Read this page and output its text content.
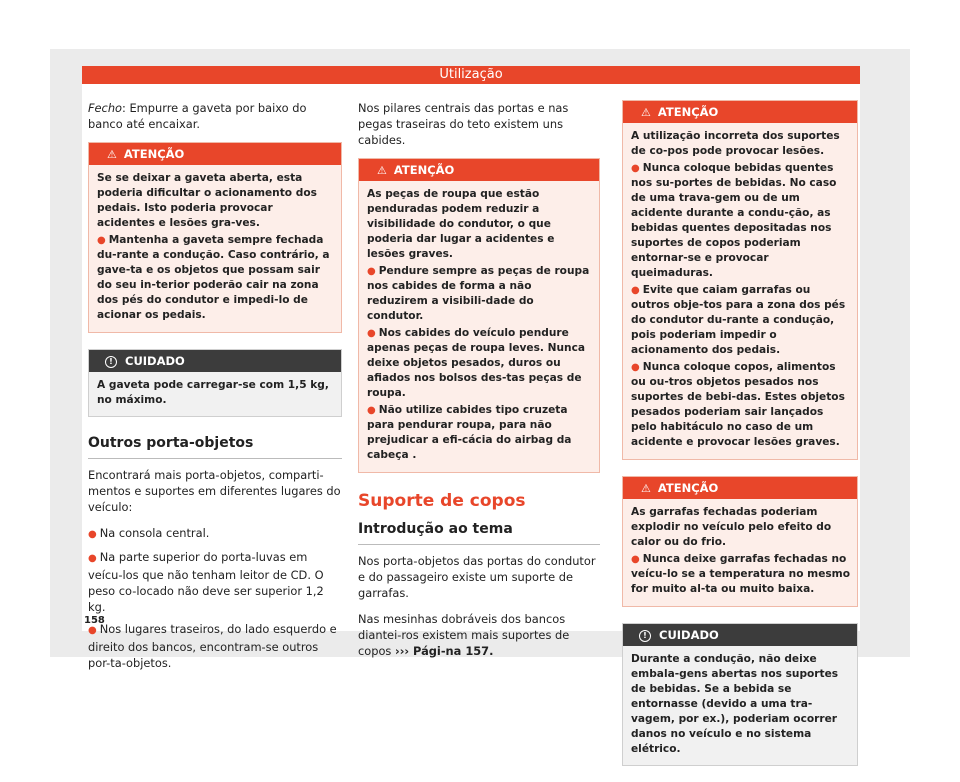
Utilização

Fecho: Empurre a gaveta por baixo do banco até encaixar.

⚠ ATENÇÃO
Se se deixar a gaveta aberta, esta poderia dificultar o acionamento dos pedais. Isto poderia provocar acidentes e lesões gra-ves.
● Mantenha a gaveta sempre fechada du-rante a condução. Caso contrário, a gave-ta e os objetos que possam sair do seu in-terior poderão cair na zona dos pés do condutor e impedi-lo de acionar os pedais.
! CUIDADO
A gaveta pode carregar-se com 1,5 kg, no máximo.
Outros porta-objetos

Encontrará mais porta-objetos, comparti-mentos e suportes em diferentes lugares do veículo:

● Na consola central.
● Na parte superior do porta-luvas em veícu-los que não tenham leitor de CD. O peso co-locado não deve ser superior 1,2 kg.
● Nos lugares traseiros, do lado esquerdo e direito dos bancos, encontram-se outros por-ta-objetos.

Nos pilares centrais das portas e nas pegas traseiras do teto existem uns cabides.

⚠ ATENÇÃO
As peças de roupa que estão penduradas podem reduzir a visibilidade do condutor, o que poderia dar lugar a acidentes e lesões graves.
● Pendure sempre as peças de roupa nos cabides de forma a não reduzirem a visibili-dade do condutor.
● Nos cabides do veículo pendure apenas peças de roupa leves. Nunca deixe objetos pesados, duros ou afiados nos bolsos des-tas peças de roupa.
● Não utilize cabides tipo cruzeta para pendurar roupa, para não prejudicar a efi-cácia do airbag da cabeça .
Suporte de copos
Introdução ao tema

Nos porta-objetos das portas do condutor e do passageiro existe um suporte de garrafas.

Nas mesinhas dobráveis dos bancos diantei-ros existem mais suportes de copos ››› Pági-na 157.

⚠ ATENÇÃO
A utilização incorreta dos suportes de co-pos pode provocar lesões.
● Nunca coloque bebidas quentes nos su-portes de bebidas. No caso de uma trava-gem ou de um acidente durante a condu-ção, as bebidas quentes depositadas nos suportes de copos poderiam entornar-se e provocar queimaduras.
● Evite que caiam garrafas ou outros obje-tos para a zona dos pés do condutor du-rante a condução, pois poderiam impedir o acionamento dos pedais.
● Nunca coloque copos, alimentos ou ou-tros objetos pesados nos suportes de bebi-das. Estes objetos pesados poderiam sair lançados pelo habitáculo no caso de um acidente e provocar lesões graves.
⚠ ATENÇÃO
As garrafas fechadas poderiam explodir no veículo pelo efeito do calor ou do frio.
● Nunca deixe garrafas fechadas no veícu-lo se a temperatura no mesmo for muito al-ta ou muito baixa.
! CUIDADO
Durante a condução, não deixe embala-gens abertas nos suportes de bebidas. Se a bebida se entornasse (devido a uma tra-vagem, por ex.), poderiam ocorrer danos no veículo e no sistema elétrico.
158
